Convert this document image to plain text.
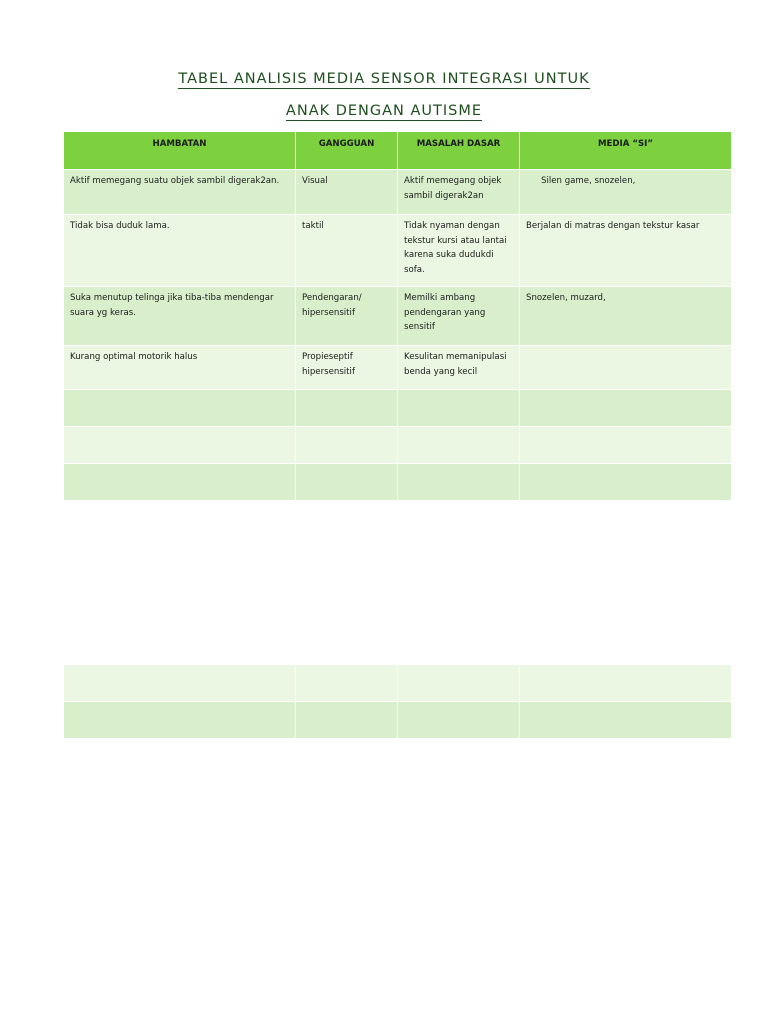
TABEL ANALISIS MEDIA SENSOR INTEGRASI UNTUK
ANAK DENGAN AUTISME
HAMBATAN	GANGGUAN	MASALAH DASAR	MEDIA “SI”
Aktif memegang suatu objek sambil digerak2an.	Visual	Aktif memegang objek sambil digerak2an	Silen game, snozelen,
Tidak bisa duduk lama.	taktil	Tidak nyaman dengan tekstur kursi atau lantai karena suka dudukdi sofa.	Berjalan di matras dengan tekstur kasar
Suka menutup telinga jika tiba-tiba mendengar suara yg keras.	Pendengaran/ hipersensitif	Memilki ambang pendengaran yang sensitif	Snozelen, muzard,
Kurang optimal motorik halus	Propieseptif hipersensitif	Kesulitan memanipulasi benda yang kecil	
